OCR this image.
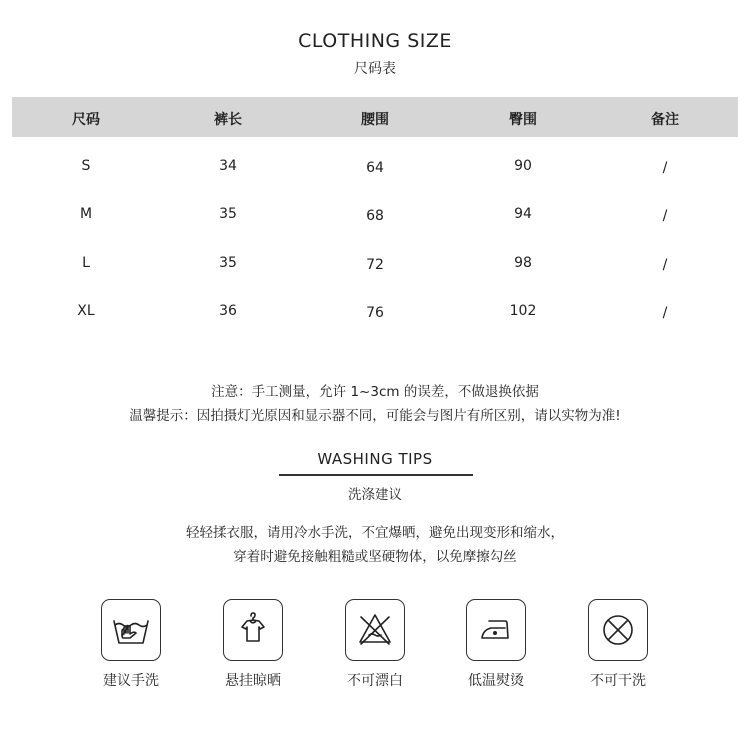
CLOTHING SIZE
尺码表
尺码	裤长	腰围	臀围	备注
S	34	64	90	/
M	35	68	94	/
L	35	72	98	/
XL	36	76	102	/
注意：手工测量，允许 1~3cm 的误差，不做退换依据
温馨提示：因拍摄灯光原因和显示器不同，可能会与图片有所区别，请以实物为准!
WASHING TIPS
洗涤建议
轻轻揉衣服，请用冷水手洗，不宜爆晒，避免出现变形和缩水，
穿着时避免接触粗糙或坚硬物体，以免摩擦勾丝
建议手洗	悬挂晾晒	不可漂白	低温熨烫	不可干洗
